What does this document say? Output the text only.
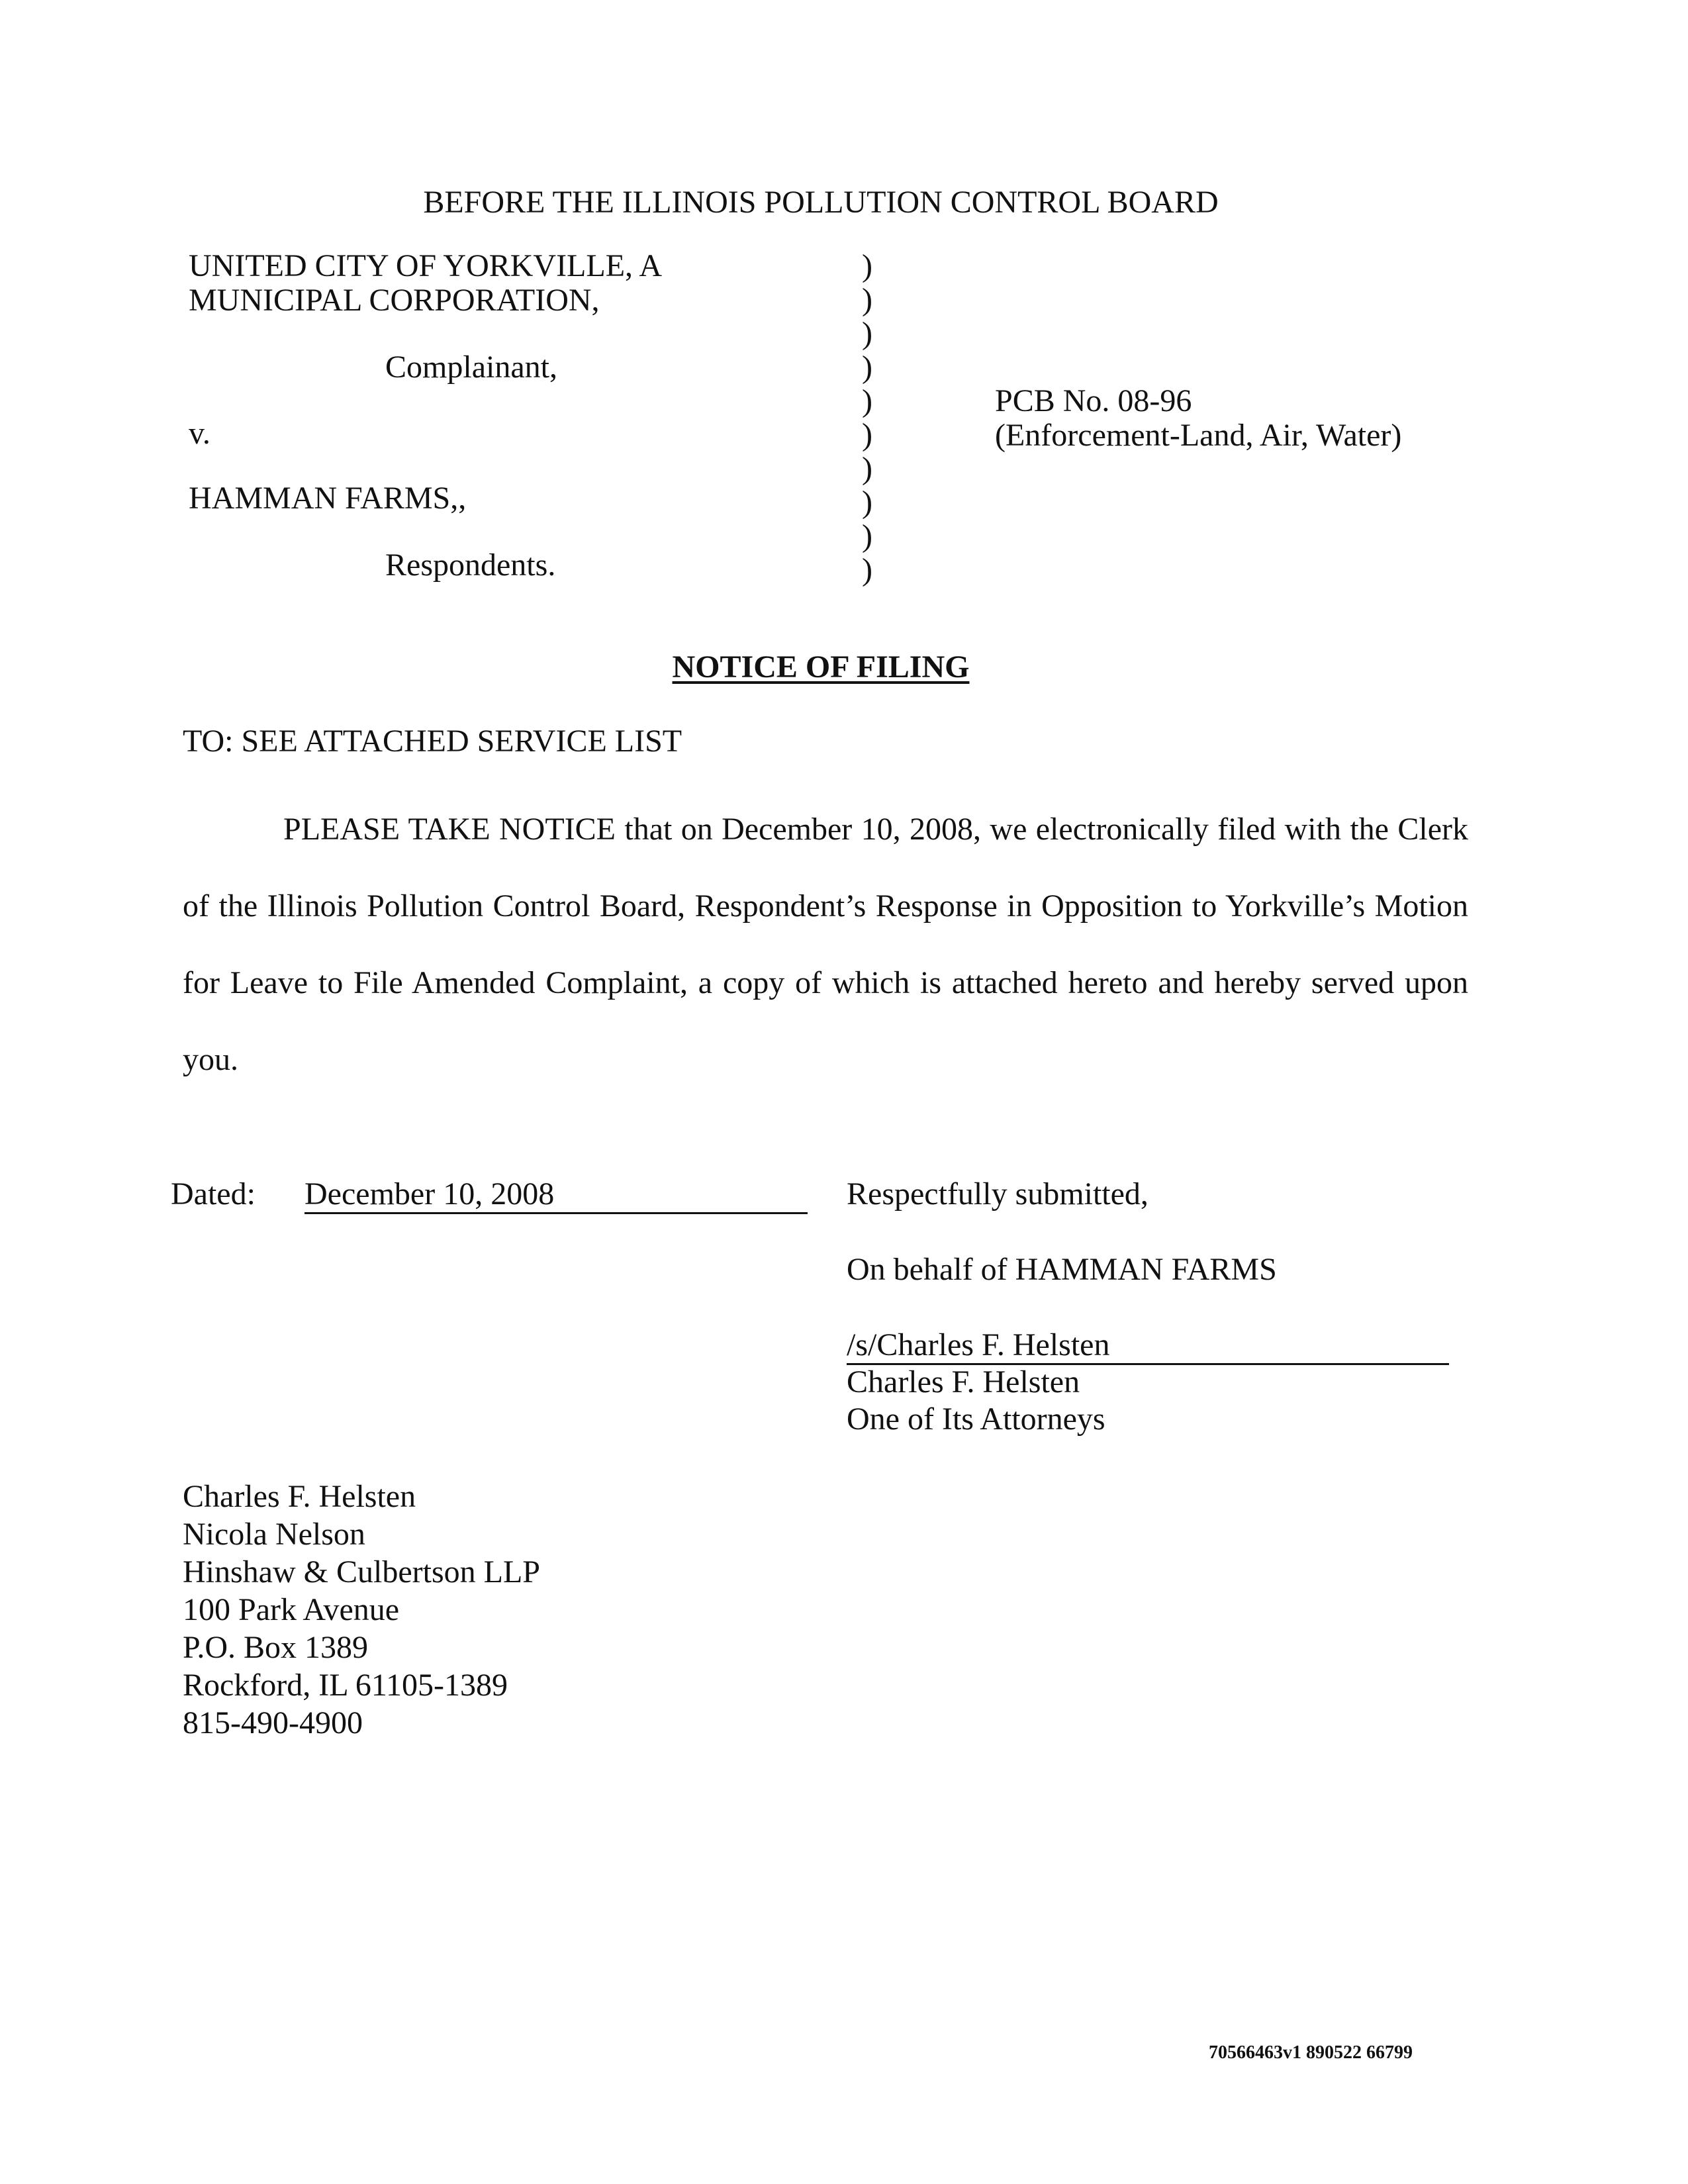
BEFORE THE ILLINOIS POLLUTION CONTROL BOARD
UNITED CITY OF YORKVILLE, A
MUNICIPAL CORPORATION,
Complainant,
v.
HAMMAN FARMS,,
Respondents.
)
)
)
)
)
)
)
)
)
)
PCB No. 08-96
(Enforcement-Land, Air, Water)
NOTICE OF FILING
TO: SEE ATTACHED SERVICE LIST

PLEASE TAKE NOTICE that on December 10, 2008, we electronically filed with the Clerk of the Illinois Pollution Control Board, Respondent’s Response in Opposition to Yorkville’s Motion for Leave to File Amended Complaint, a copy of which is attached hereto and hereby served upon you.

Dated: December 10, 2008	Respectfully submitted,
On behalf of HAMMAN FARMS
/s/Charles F. Helsten
Charles F. Helsten
One of Its Attorneys
Charles F. Helsten
Nicola Nelson
Hinshaw & Culbertson LLP
100 Park Avenue
P.O. Box 1389
Rockford, IL 61105-1389
815-490-4900
70566463v1 890522 66799
